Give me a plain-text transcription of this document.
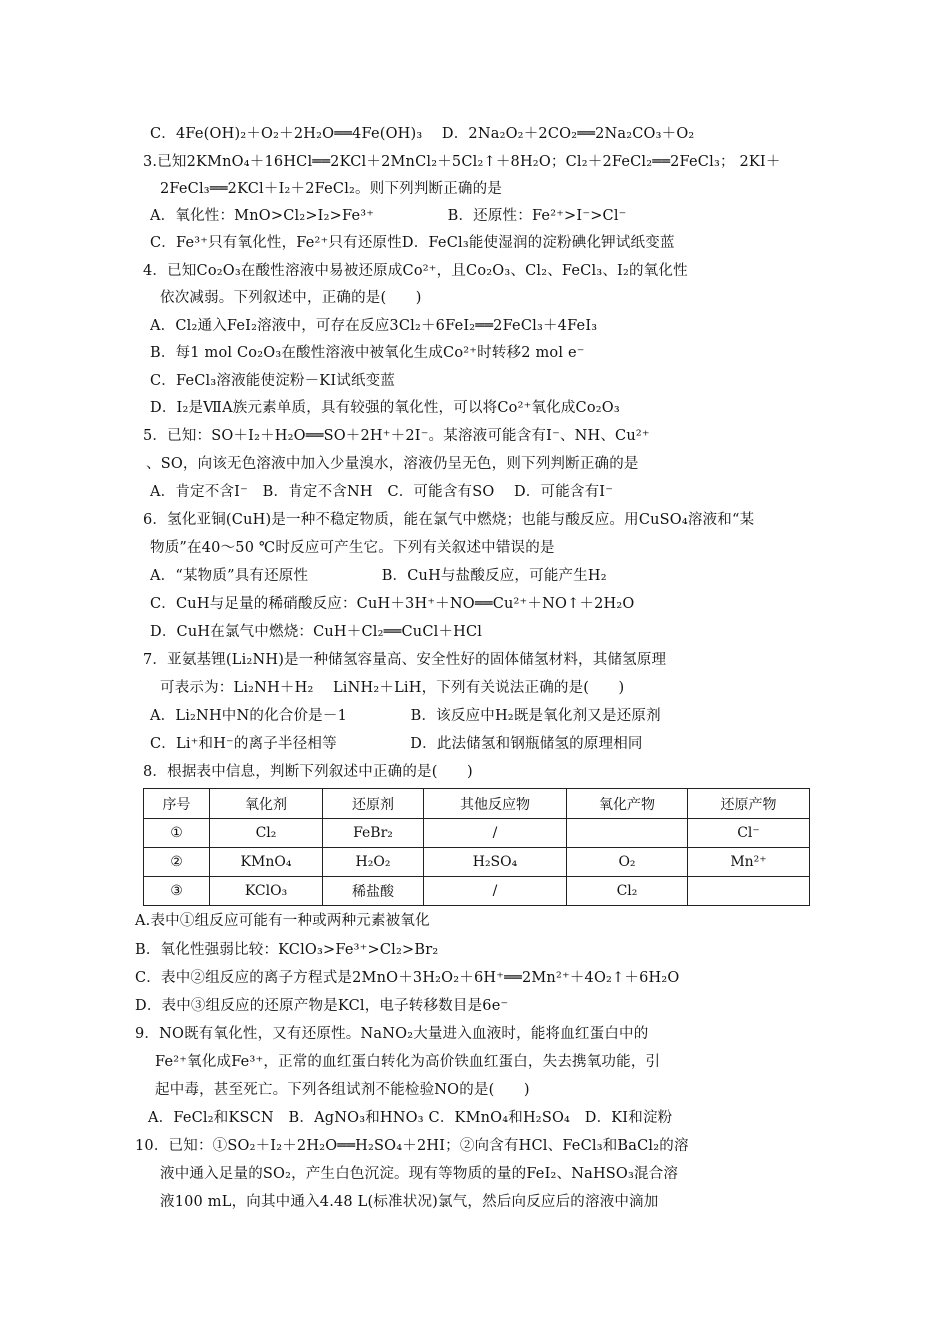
C．4Fe(OH)₂＋O₂＋2H₂O══4Fe(OH)₃　 D．2Na₂O₂＋2CO₂══2Na₂CO₃＋O₂
3.已知2KMnO₄＋16HCl══2KCl＋2MnCl₂＋5Cl₂↑＋8H₂O；Cl₂＋2FeCl₂══2FeCl₃； 2KI＋
2FeCl₃══2KCl＋I₂＋2FeCl₂。则下列判断正确的是
A．氧化性：MnO>Cl₂>I₂>Fe³⁺　　　　　B．还原性：Fe²⁺>I⁻>Cl⁻
C．Fe³⁺只有氧化性，Fe²⁺只有还原性D．FeCl₃能使湿润的淀粉碘化钾试纸变蓝
4．已知Co₂O₃在酸性溶液中易被还原成Co²⁺，且Co₂O₃、Cl₂、FeCl₃、I₂的氧化性
依次减弱。下列叙述中，正确的是(　　)
A．Cl₂通入FeI₂溶液中，可存在反应3Cl₂＋6FeI₂══2FeCl₃＋4FeI₃
B．每1 mol Co₂O₃在酸性溶液中被氧化生成Co²⁺时转移2 mol e⁻
C．FeCl₃溶液能使淀粉－KI试纸变蓝
D．I₂是ⅦA族元素单质，具有较强的氧化性，可以将Co²⁺氧化成Co₂O₃
5．已知：SO＋I₂＋H₂O══SO＋2H⁺＋2I⁻。某溶液可能含有I⁻、NH、Cu²⁺
、SO，向该无色溶液中加入少量溴水，溶液仍呈无色，则下列判断正确的是
A．肯定不含I⁻　B．肯定不含NH　C．可能含有SO　 D．可能含有I⁻
6．氢化亚铜(CuH)是一种不稳定物质，能在氯气中燃烧；也能与酸反应。用CuSO₄溶液和“某
物质”在40～50 ℃时反应可产生它。下列有关叙述中错误的是
A．“某物质”具有还原性　　　　　B．CuH与盐酸反应，可能产生H₂
C．CuH与足量的稀硝酸反应：CuH＋3H⁺＋NO══Cu²⁺＋NO↑＋2H₂O
D．CuH在氯气中燃烧：CuH＋Cl₂══CuCl＋HCl
7．亚氨基锂(Li₂NH)是一种储氢容量高、安全性好的固体储氢材料，其储氢原理
可表示为：Li₂NH＋H₂　 LiNH₂＋LiH，下列有关说法正确的是(　　)
A．Li₂NH中N的化合价是－1　　　　 B．该反应中H₂既是氧化剂又是还原剂
C．Li⁺和H⁻的离子半径相等　　　　　D．此法储氢和钢瓶储氢的原理相同
8．根据表中信息，判断下列叙述中正确的是(　　)
序号	氧化剂	还原剂	其他反应物	氧化产物	还原产物
①	Cl₂	FeBr₂	/		Cl⁻
②	KMnO₄	H₂O₂	H₂SO₄	O₂	Mn²⁺
③	KClO₃	稀盐酸	/	Cl₂	
A.表中①组反应可能有一种或两种元素被氧化
B．氧化性强弱比较：KClO₃>Fe³⁺>Cl₂>Br₂
C．表中②组反应的离子方程式是2MnO＋3H₂O₂＋6H⁺══2Mn²⁺＋4O₂↑＋6H₂O
D．表中③组反应的还原产物是KCl，电子转移数目是6e⁻
9．NO既有氧化性，又有还原性。NaNO₂大量进入血液时，能将血红蛋白中的
Fe²⁺氧化成Fe³⁺，正常的血红蛋白转化为高价铁血红蛋白，失去携氧功能，引
起中毒，甚至死亡。下列各组试剂不能检验NO的是(　　)
A．FeCl₂和KSCN　B．AgNO₃和HNO₃ C．KMnO₄和H₂SO₄　D．KI和淀粉
10．已知：①SO₂＋I₂＋2H₂O══H₂SO₄＋2HI；②向含有HCl、FeCl₃和BaCl₂的溶
液中通入足量的SO₂，产生白色沉淀。现有等物质的量的FeI₂、NaHSO₃混合溶
液100 mL，向其中通入4.48 L(标准状况)氯气，然后向反应后的溶液中滴加
